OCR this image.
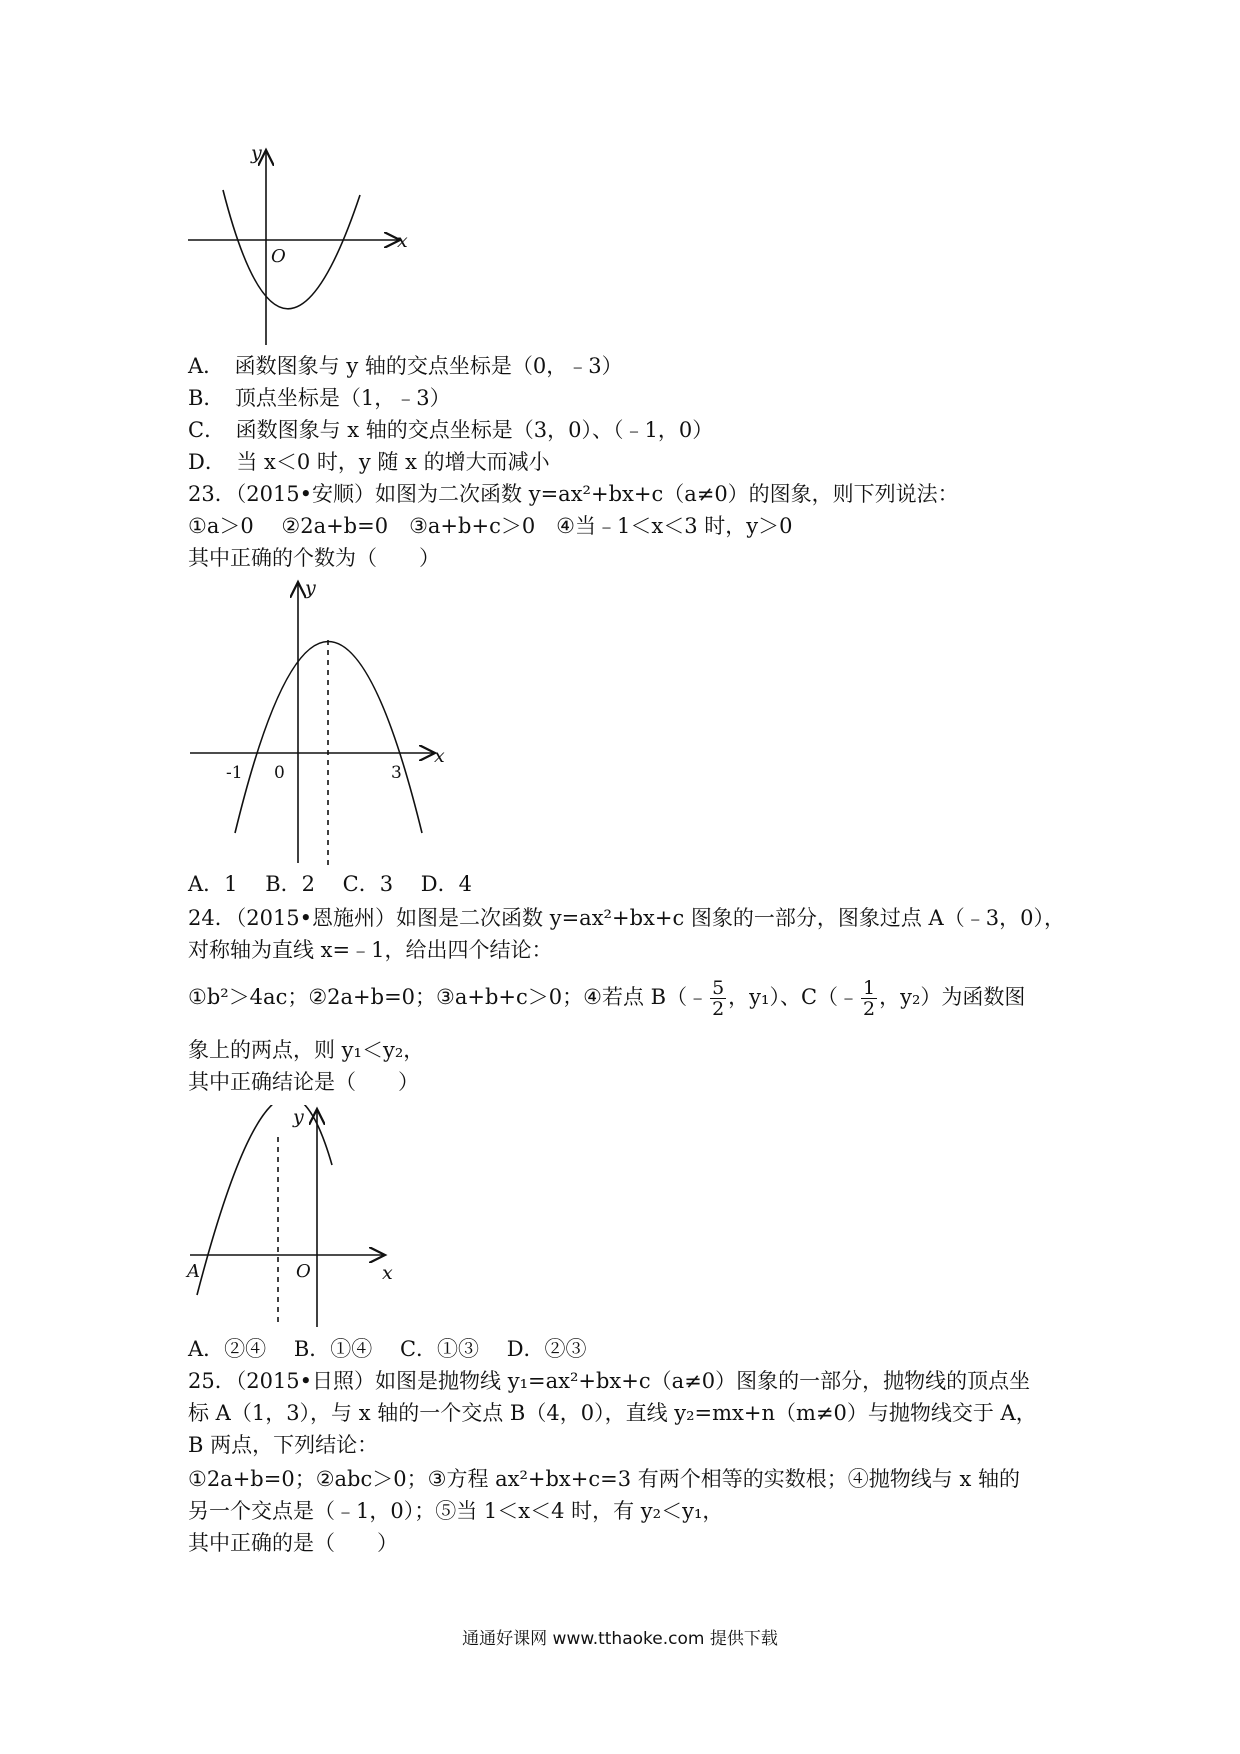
y
x
O
A．　函数图象与 y 轴的交点坐标是（0，﹣3）
B．　顶点坐标是（1，﹣3）
C．　函数图象与 x 轴的交点坐标是（3，0）、（﹣1，0）
D．　当 x＜0 时，y 随 x 的增大而减小
23．（2015•安顺）如图为二次函数 y=ax²+bx+c（a≠0）的图象，则下列说法：
①a＞0　 ②2a+b=0　③a+b+c＞0　④当﹣1＜x＜3 时，y＞0
其中正确的个数为（　　）
y
x
-1 0	3
A．1　 B．2　 C．3　 D．4
24．（2015•恩施州）如图是二次函数 y=ax²+bx+c 图象的一部分，图象过点 A（﹣3，0），
对称轴为直线 x=﹣1，给出四个结论：
①b²＞4ac；②2a+b=0；③a+b+c＞0；④若点 B（﹣ $\frac{5}{2}$ ，y₁）、C（﹣ $\frac{1}{2}$ ，y₂）为函数图
象上的两点，则 y₁＜y₂，
其中正确结论是（　　）
y
x
O
A
A．②④　 B．①④　 C．①③　 D．②③
25．（2015•日照）如图是抛物线 y₁=ax²+bx+c（a≠0）图象的一部分，抛物线的顶点坐
标 A（1，3），与 x 轴的一个交点 B（4，0），直线 y₂=mx+n（m≠0）与抛物线交于 A，
B 两点，下列结论：
①2a+b=0；②abc＞0；③方程 ax²+bx+c=3 有两个相等的实数根；④抛物线与 x 轴的
另一个交点是（﹣1，0）；⑤当 1＜x＜4 时，有 y₂＜y₁，
其中正确的是（　　）
通通好课网 www.tthaoke.com 提供下载
